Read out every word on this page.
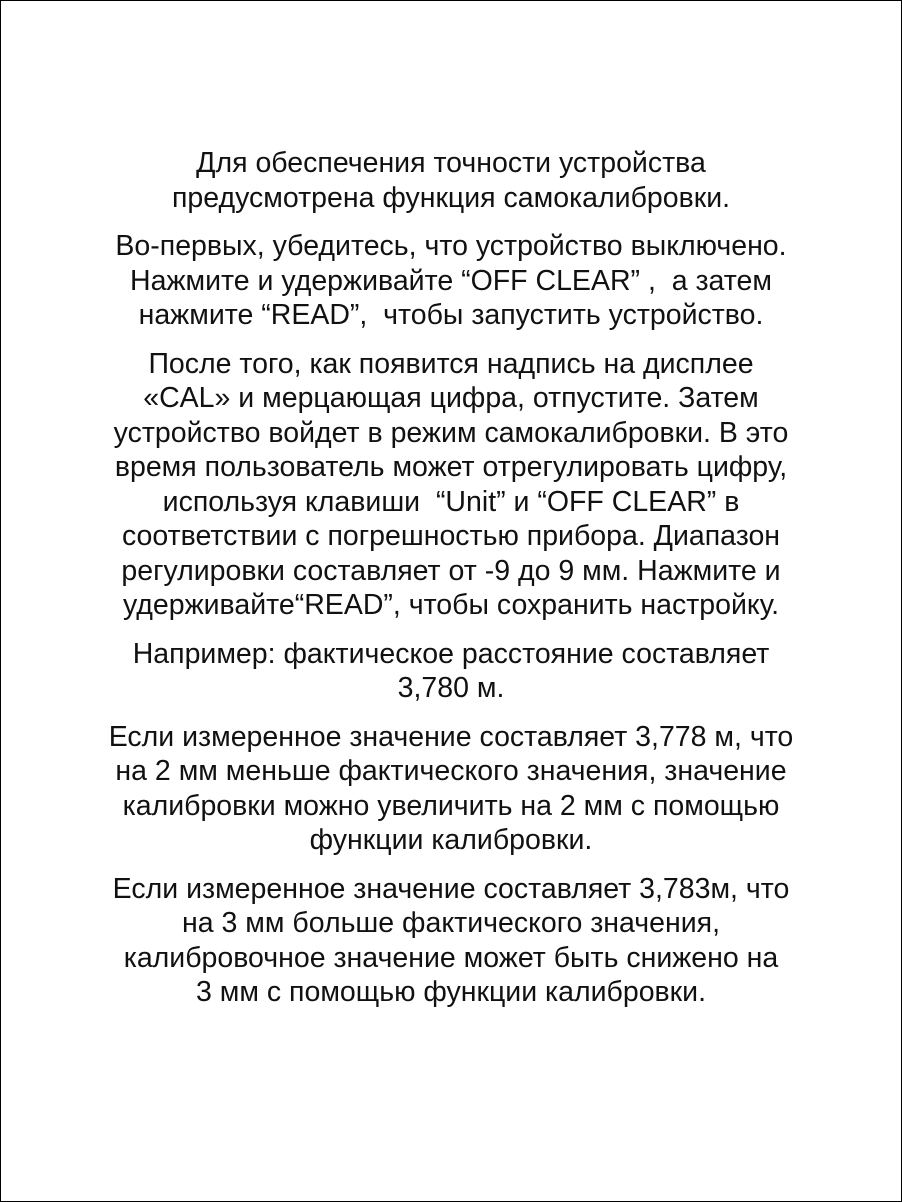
Для обеспечения точности устройства
предусмотрена функция самокалибровки.

Во-первых, убедитесь, что устройство выключено.
Нажмите и удерживайте “OFF CLEAR” ,  а затем
нажмите “READ”,  чтобы запустить устройство.

После того, как появится надпись на дисплее
«CAL» и мерцающая цифра, отпустите. Затем
устройство войдет в режим самокалибровки. В это
время пользователь может отрегулировать цифру,
используя клавиши  “Unit” и “OFF CLEAR” в
соответствии с погрешностью прибора. Диапазон
регулировки составляет от -9 до 9 мм. Нажмите и
удерживайте“READ”, чтобы сохранить настройку.

Например: фактическое расстояние составляет
3,780 м.

Если измеренное значение составляет 3,778 м, что
на 2 мм меньше фактического значения, значение
калибровки можно увеличить на 2 мм с помощью
функции калибровки.

Если измеренное значение составляет 3,783м, что
на 3 мм больше фактического значения,
калибровочное значение может быть снижено на
3 мм с помощью функции калибровки.
